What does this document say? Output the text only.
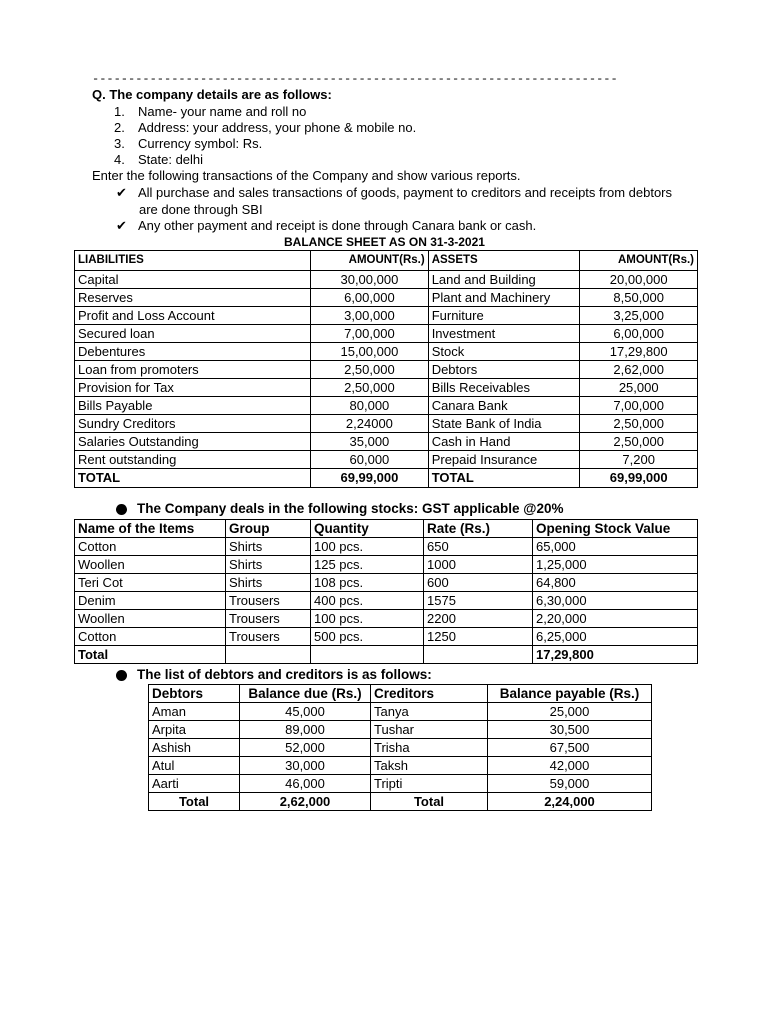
-------------------------------------------------------------------------
Q. The company details are as follows:
1. Name- your name and roll no
2. Address: your address, your phone & mobile no.
3. Currency symbol: Rs.
4. State: delhi
Enter the following transactions of the Company and show various reports.
✔ All purchase and sales transactions of goods, payment to creditors and receipts from debtors
are done through SBI
✔ Any other payment and receipt is done through Canara bank or cash.
BALANCE SHEET AS ON 31-3-2021
LIABILITIES	AMOUNT(Rs.)	ASSETS	AMOUNT(Rs.)
Capital	30,00,000	Land and Building	20,00,000
Reserves	6,00,000	Plant and Machinery	8,50,000
Profit and Loss Account	3,00,000	Furniture	3,25,000
Secured loan	7,00,000	Investment	6,00,000
Debentures	15,00,000	Stock	17,29,800
Loan from promoters	2,50,000	Debtors	2,62,000
Provision for Tax	2,50,000	Bills Receivables	25,000
Bills Payable	80,000	Canara Bank	7,00,000
Sundry Creditors	2,24000	State Bank of India	2,50,000
Salaries Outstanding	35,000	Cash in Hand	2,50,000
Rent outstanding	60,000	Prepaid Insurance	7,200
TOTAL	69,99,000	TOTAL	69,99,000
The Company deals in the following stocks: GST applicable @20%
Name of the Items	Group	Quantity	Rate (Rs.)	Opening Stock Value
Cotton	Shirts	100 pcs.	650	65,000
Woollen	Shirts	125 pcs.	1000	1,25,000
Teri Cot	Shirts	108 pcs.	600	64,800
Denim	Trousers	400 pcs.	1575	6,30,000
Woollen	Trousers	100 pcs.	2200	2,20,000
Cotton	Trousers	500 pcs.	1250	6,25,000
Total				17,29,800
The list of debtors and creditors is as follows:
Debtors	Balance due (Rs.)	Creditors	Balance payable (Rs.)
Aman	45,000	Tanya	25,000
Arpita	89,000	Tushar	30,500
Ashish	52,000	Trisha	67,500
Atul	30,000	Taksh	42,000
Aarti	46,000	Tripti	59,000
Total	2,62,000	Total	2,24,000
